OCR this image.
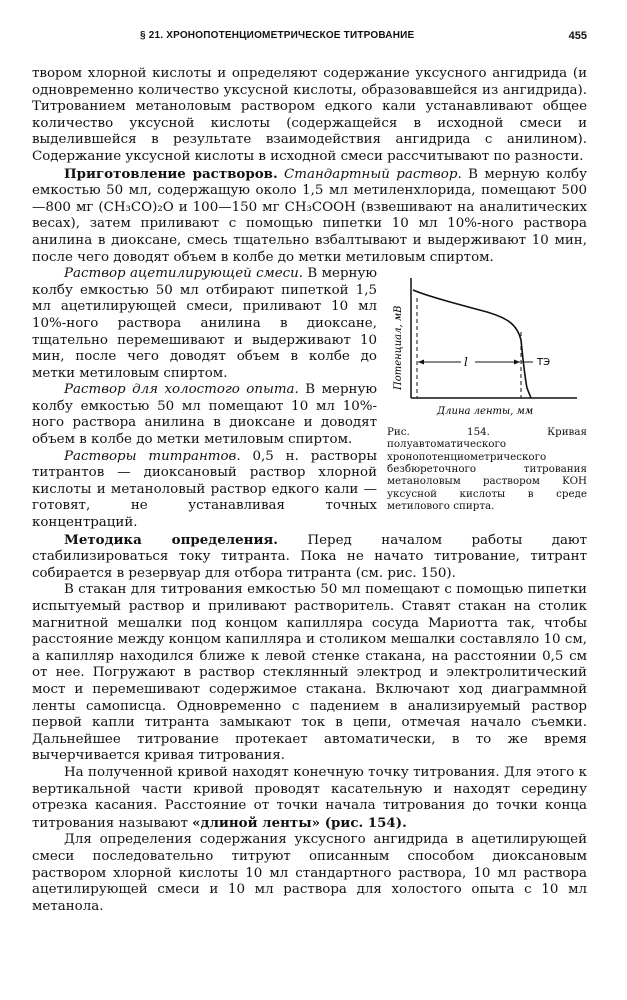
§ 21. ХРОНОПОТЕНЦИОМЕТРИЧЕСКОЕ ТИТРОВАНИЕ	455

твором хлорной кислоты и определяют содержание уксусного ангидрида (и одновременно количество уксусной кислоты, образовавшейся из ангидрида). Титрованием метаноловым раствором едкого кали устанавливают общее количество уксусной кислоты (содержащейся в исходной смеси и выделившейся в результате взаимодействия ангидрида с анилином). Содержание уксусной кислоты в исходной смеси рассчитывают по разности.

Приготовление растворов. Стандартный раствор. В мерную колбу емкостью 50 мл, содержащую около 1,5 мл метиленхлорида, помещают 500—800 мг (CH₃CO)₂O и 100—150 мг CH₃COOH (взвешивают на аналитических весах), затем приливают с помощью пипетки 10 мл 10%-ного раствора анилина в диоксане, смесь тщательно взбалтывают и выдерживают 10 мин, после чего доводят объем в колбе до метки метиловым спиртом.

l	ТЭ
Потенциал, мВ
Длина ленты, мм
Рис. 154. Кривая полуавтоматического хронопотенциометрического безбюреточного титрования метаноловым раствором KOH уксусной кислоты в среде метилового спирта.

Раствор ацетилирующей смеси. В мерную колбу емкостью 50 мл отбирают пипеткой 1,5 мл ацетилирующей смеси, приливают 10 мл 10%-ного раствора анилина в диоксане, тщательно перемешивают и выдерживают 10 мин, после чего доводят объем в колбе до метки метиловым спиртом.

Раствор для холостого опыта. В мерную колбу емкостью 50 мл помещают 10 мл 10%-ного раствора анилина в диоксане и доводят объем в колбе до метки метиловым спиртом.

Растворы титрантов. 0,5 н. растворы титрантов — диоксановый раствор хлорной кислоты и метаноловый раствор едкого кали — готовят, не устанавливая точных концентраций.

Методика определения. Перед началом работы дают стабилизироваться току титранта. Пока не начато титрование, титрант собирается в резервуар для отбора титранта (см. рис. 150).

В стакан для титрования емкостью 50 мл помещают с помощью пипетки испытуемый раствор и приливают растворитель. Ставят стакан на столик магнитной мешалки под концом капилляра сосуда Мариотта так, чтобы расстояние между концом капилляра и столиком мешалки составляло 10 см, а капилляр находился ближе к левой стенке стакана, на расстоянии 0,5 см от нее. Погружают в раствор стеклянный электрод и электролитический мост и перемешивают содержимое стакана. Включают ход диаграммной ленты самописца. Одновременно с падением в анализируемый раствор первой капли титранта замыкают ток в цепи, отмечая начало съемки. Дальнейшее титрование протекает автоматически, в то же время вычерчивается кривая титрования.

На полученной кривой находят конечную точку титрования. Для этого к вертикальной части кривой проводят касательную и находят середину отрезка касания. Расстояние от точки начала титрования до точки конца титрования называют «длиной ленты» (рис. 154).

Для определения содержания уксусного ангидрида в ацетилирующей смеси последовательно титруют описанным способом диоксановым раствором хлорной кислоты 10 мл стандартного раствора, 10 мл раствора ацетилирующей смеси и 10 мл раствора для холостого опыта с 10 мл метанола.
